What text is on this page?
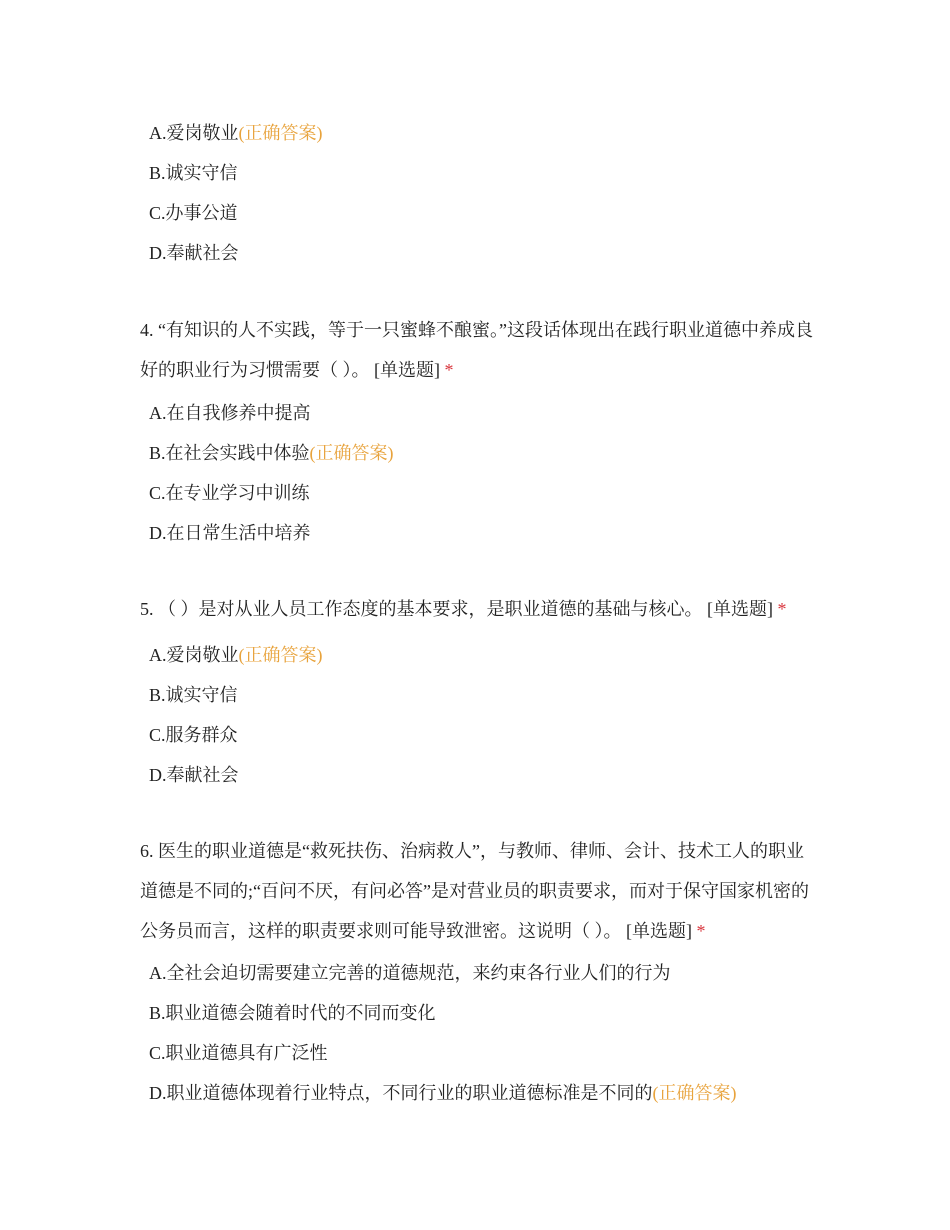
A.爱岗敬业(正确答案)
B.诚实守信
C.办事公道
D.奉献社会

4. “有知识的人不实践，等于一只蜜蜂不酿蜜。”这段话体现出在践行职业道德中养成良好的职业行为习惯需要（ ）。 [单选题] *

A.在自我修养中提高
B.在社会实践中体验(正确答案)
C.在专业学习中训练
D.在日常生活中培养

5. （ ）是对从业人员工作态度的基本要求，是职业道德的基础与核心。 [单选题] *

A.爱岗敬业(正确答案)
B.诚实守信
C.服务群众
D.奉献社会

6. 医生的职业道德是“救死扶伤、治病救人”，与教师、律师、会计、技术工人的职业道德是不同的;“百问不厌，有问必答”是对营业员的职责要求，而对于保守国家机密的公务员而言，这样的职责要求则可能导致泄密。这说明（ ）。 [单选题] *

A.全社会迫切需要建立完善的道德规范，来约束各行业人们的行为
B.职业道德会随着时代的不同而变化
C.职业道德具有广泛性
D.职业道德体现着行业特点，不同行业的职业道德标准是不同的(正确答案)
